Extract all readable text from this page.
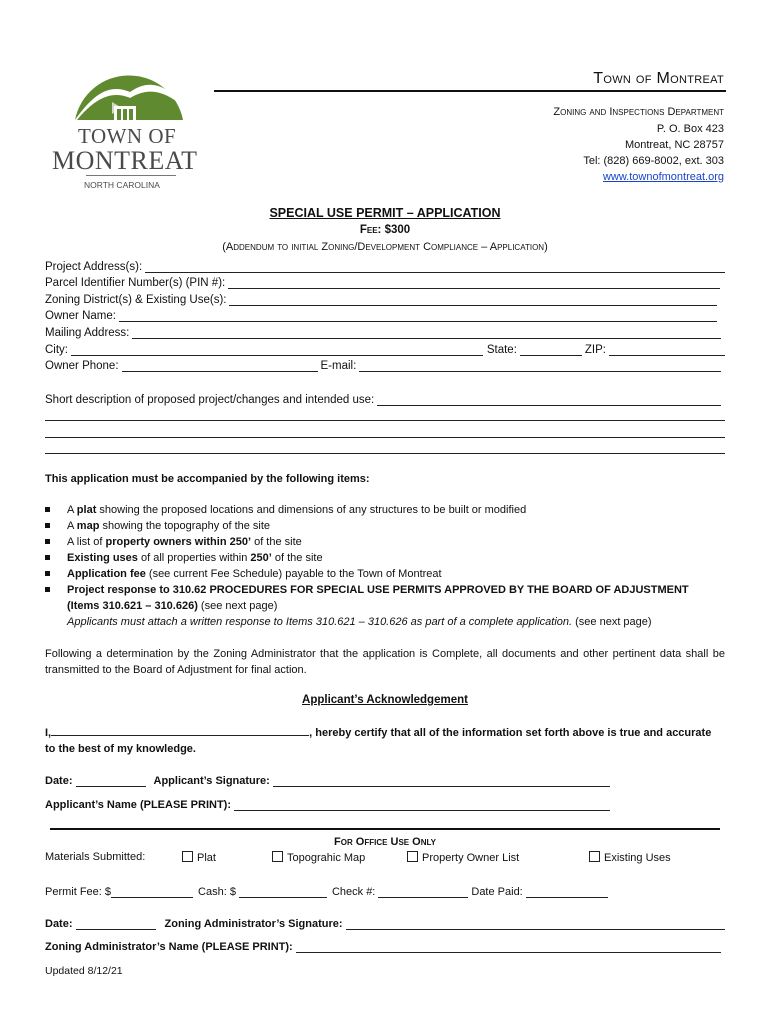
TOWN OF
MONTREAT
NORTH CAROLINA
Town of Montreat
Zoning and Inspections Department
P. O. Box 423
Montreat, NC 28757
Tel: (828) 669-8002, ext. 303
www.townofmontreat.org
SPECIAL USE PERMIT – APPLICATION
Fee: $300
(Addendum to initial Zoning/Development Compliance – Application)
Project Address(s):
Parcel Identifier Number(s) (PIN #):
Zoning District(s) & Existing Use(s):
Owner Name:
Mailing Address:
City:	State:	ZIP:
Owner Phone:	E-mail:
Short description of proposed project/changes and intended use:
This application must be accompanied by the following items:
A plat showing the proposed locations and dimensions of any structures to be built or modified
A map showing the topography of the site
A list of property owners within 250’ of the site
Existing uses of all properties within 250’ of the site
Application fee (see current Fee Schedule) payable to the Town of Montreat
Project response to 310.62 PROCEDURES FOR SPECIAL USE PERMITS APPROVED BY THE BOARD OF ADJUSTMENT
(Items 310.621 – 310.626) (see next page)
Applicants must attach a written response to Items 310.621 – 310.626 as part of a complete application. (see next page)
Following a determination by the Zoning Administrator that the application is Complete, all documents and other pertinent data shall be transmitted to the Board of Adjustment for final action.
Applicant’s Acknowledgement
I,	, hereby certify that all of the information set forth above is true and accurate
to the best of my knowledge.
Date:	Applicant’s Signature:
Applicant’s Name (PLEASE PRINT):
For Office Use Only
Materials Submitted:	Plat	Topograhic Map	Property Owner List	Existing Uses
Permit Fee: $	Cash: $	Check #:	Date Paid:
Date:	Zoning Administrator’s Signature:
Zoning Administrator’s Name (PLEASE PRINT):
Updated 8/12/21
